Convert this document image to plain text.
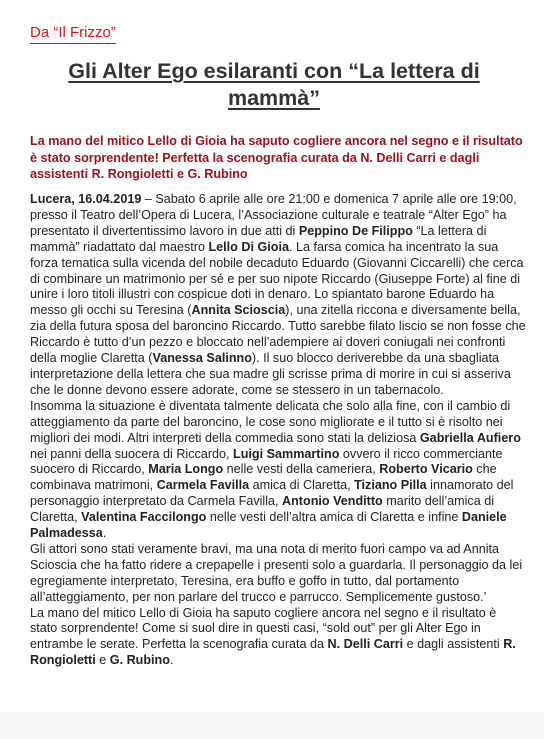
Da “Il Frizzo”
Gli Alter Ego esilaranti con “La lettera di mammà”
La mano del mitico Lello di Gioia ha saputo cogliere ancora nel segno e il risultato è stato sorprendente! Perfetta la scenografia curata da N. Delli Carri e dagli assistenti R. Rongioletti e G. Rubino

Lucera, 16.04.2019 – Sabato 6 aprile alle ore 21:00 e domenica 7 aprile alle ore 19:00, presso il Teatro dell’Opera di Lucera, l’Associazione culturale e teatrale “Alter Ego” ha presentato il divertentissimo lavoro in due atti di Peppino De Filippo “La lettera di mammà” riadattato dal maestro Lello Di Gioia. La farsa comica ha incentrato la sua forza tematica sulla vicenda del nobile decaduto Eduardo (Giovanni Ciccarelli) che cerca di combinare un matrimonio per sé e per suo nipote Riccardo (Giuseppe Forte) al fine di unire i loro titoli illustri con cospicue doti in denaro. Lo spiantato barone Eduardo ha messo gli occhi su Teresina (Annita Scioscia), una zitella riccona e diversamente bella, zia della futura sposa del baroncino Riccardo. Tutto sarebbe filato liscio se non fosse che Riccardo è tutto d’un pezzo e bloccato nell’adempiere ai doveri coniugali nei confronti della moglie Claretta (Vanessa Salinno). Il suo blocco deriverebbe da una sbagliata interpretazione della lettera che sua madre gli scrisse prima di morire in cui si asseriva che le donne devono essere adorate, come se stessero in un tabernacolo.

Insomma la situazione è diventata talmente delicata che solo alla fine, con il cambio di atteggiamento da parte del baroncino, le cose sono migliorate e il tutto si è risolto nei migliori dei modi. Altri interpreti della commedia sono stati la deliziosa Gabriella Aufiero nei panni della suocera di Riccardo, Luigi Sammartino ovvero il ricco commerciante suocero di Riccardo, Maria Longo nelle vesti della cameriera, Roberto Vicario che combinava matrimoni, Carmela Favilla amica di Claretta, Tiziano Pilla innamorato del personaggio interpretato da Carmela Favilla, Antonio Venditto marito dell’amica di Claretta, Valentina Faccilongo nelle vesti dell’altra amica di Claretta e infine Daniele Palmadessa.

Gli attori sono stati veramente bravi, ma una nota di merito fuori campo va ad Annita Scioscia che ha fatto ridere a crepapelle i presenti solo a guardarla. Il personaggio da lei egregiamente interpretato, Teresina, era buffo e goffo in tutto, dal portamento all’atteggiamento, per non parlare del trucco e parrucco. Semplicemente gustoso.’

La mano del mitico Lello di Gioia ha saputo cogliere ancora nel segno e il risultato è stato sorprendente! Come si suol dire in questi casi, “sold out” per gli Alter Ego in entrambe le serate. Perfetta la scenografia curata da N. Delli Carri e dagli assistenti R. Rongioletti e G. Rubino.
